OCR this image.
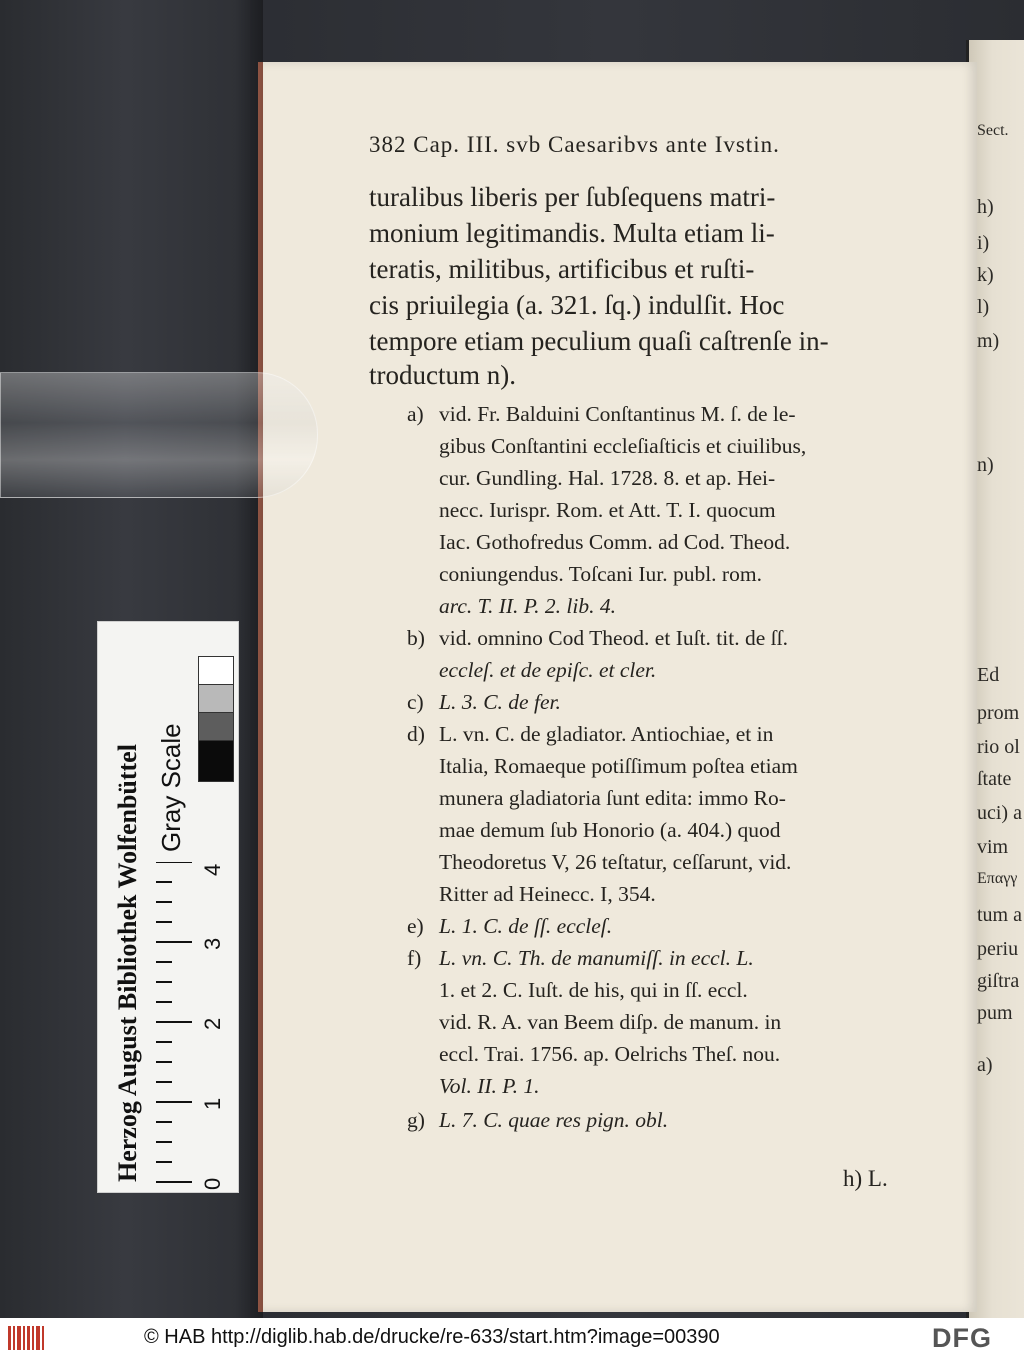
Sect.
h)
i)
k)
l)
m)
n)
Ed
prom
rio ol
ſtate
uci) a
vim
Επαγγ
tum a
periu
giſtra
pum
a)
382 Cap. III. svb Caesaribvs ante Ivstin.
turalibus liberis per ſubſequens matri-
monium legitimandis. Multa etiam li-
teratis, militibus, artificibus et ruſti-
cis priuilegia (a. 321. ſq.) indulſit. Hoc
tempore etiam peculium quaſi caſtrenſe in-
troductum n).
a) vid. Fr. Balduini Conſtantinus M. ſ. de le-
gibus Conſtantini eccleſiaſticis et ciuilibus,
cur. Gundling. Hal. 1728. 8. et ap. Hei-
necc. Iurispr. Rom. et Att. T. I. quocum
Iac. Gothofredus Comm. ad Cod. Theod.
coniungendus. Toſcani Iur. publ. rom.
arc. T. II. P. 2. lib. 4.
b) vid. omnino Cod Theod. et Iuſt. tit. de ſſ.
eccleſ. et de epiſc. et cler.
c) L. 3. C. de fer.
d) L. vn. C. de gladiator. Antiochiae, et in
Italia, Romaeque potiſſimum poſtea etiam
munera gladiatoria ſunt edita: immo Ro-
mae demum ſub Honorio (a. 404.) quod
Theodoretus V, 26 teſtatur, ceſſarunt, vid.
Ritter ad Heinecc. I, 354.
e) L. 1. C. de ſſ. eccleſ.
f) L. vn. C. Th. de manumiſſ. in eccl. L.
1. et 2. C. Iuſt. de his, qui in ſſ. eccl.
vid. R. A. van Beem diſp. de manum. in
eccl. Trai. 1756. ap. Oelrichs Theſ. nou.
Vol. II. P. 1.
g) L. 7. C. quae res pign. obl.
h) L.
Herzog August Bibliothek Wolfenbüttel Gray Scale
0
1
2
3
4
© HAB http://diglib.hab.de/drucke/re-633/start.htm?image=00390	DFG
